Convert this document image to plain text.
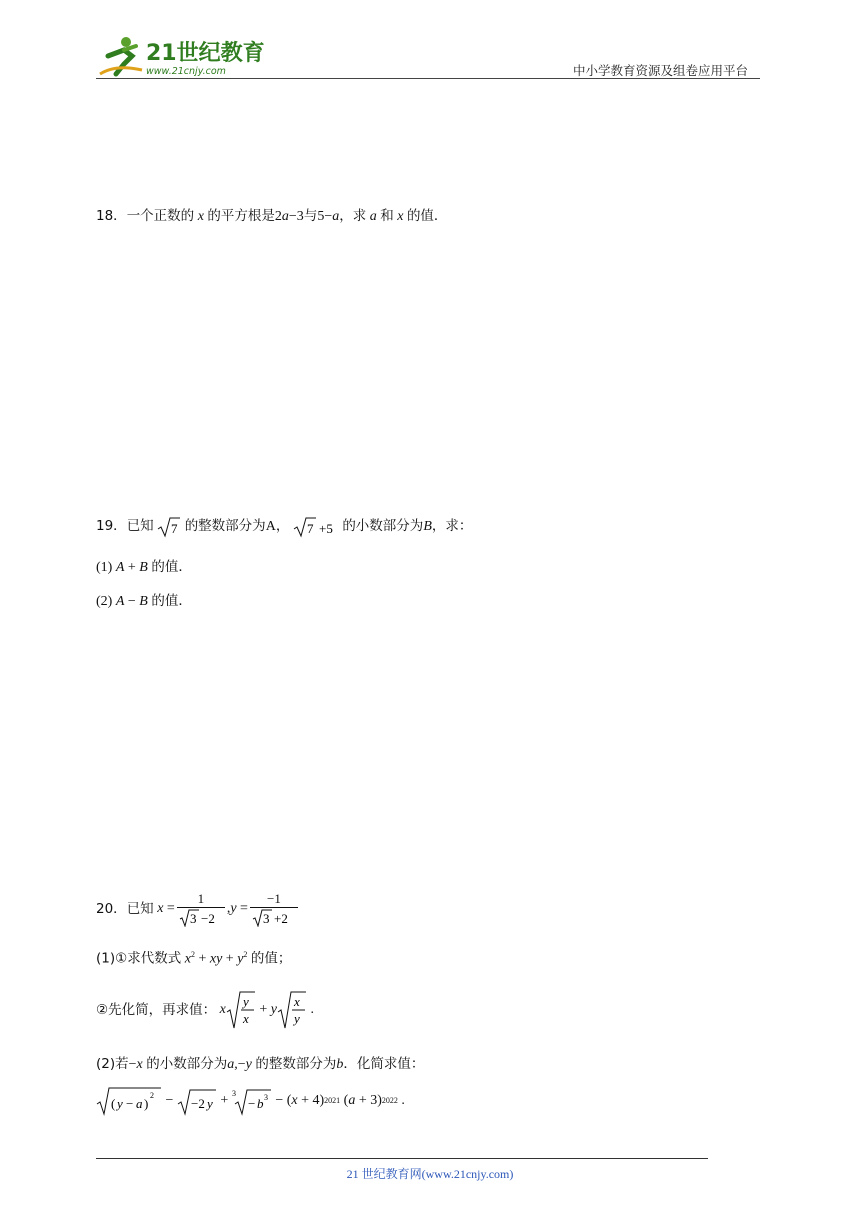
21世纪教育
www.21cnjy.com	中小学教育资源及组卷应用平台
18．一个正数的 x 的平方根是2a−3与5−a，求 a 和 x 的值．
19．已知 7 的整数部分为A， 7 +5 的小数部分为B，求：
(1) A + B 的值．
(2) A − B 的值．
20． 已知
$x = \frac{1}{3 -2}$ , $y = \frac{-1}{3 +2}$
(1)①求代数式 $x^2$ + xy + $y^2$ 的值；
②先化简，再求值： x
y
x
+ y
x
y
.
(2)若−x 的小数部分为a,−y 的整数部分为b．化简求值：
( y − a )
2 − −2 y + 3
− b 3 − ( x + 4) 2021 ( a + 3) 2022 .
21 世纪教育网(www.21cnjy.com)
